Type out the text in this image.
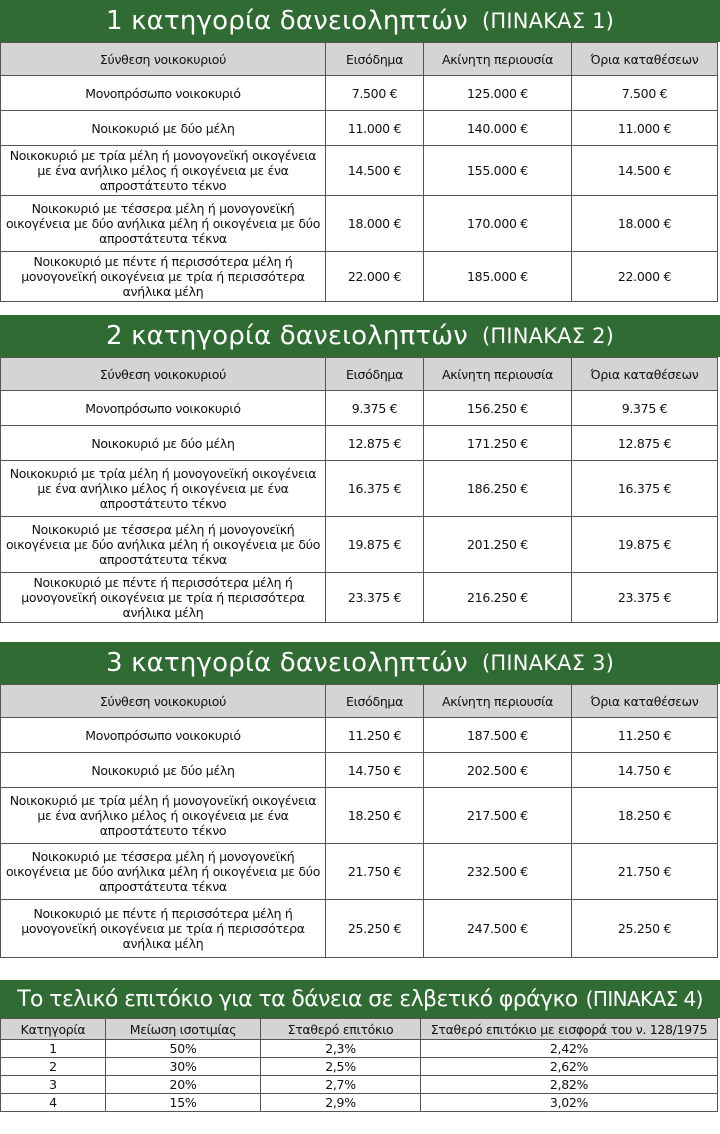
1 κατηγορία δανειοληπτών (ΠΙΝΑΚΑΣ 1)
Σύνθεση νοικοκυριού	Εισόδημα	Ακίνητη περιουσία	Όρια καταθέσεων
Μονοπρόσωπο νοικοκυριό	7.500 €	125.000 €	7.500 €
Νοικοκυριό με δύο μέλη	11.000 €	140.000 €	11.000 €
Νοικοκυριό με τρία μέλη ή μονογονεϊκή οικογένεια με ένα ανήλικο μέλος ή οικογένεια με ένα απροστάτευτο τέκνο	14.500 €	155.000 €	14.500 €
Νοικοκυριό με τέσσερα μέλη ή μονογονεϊκή οικογένεια με δύο ανήλικα μέλη ή οικογένεια με δύο απροστάτευτα τέκνα	18.000 €	170.000 €	18.000 €
Νοικοκυριό με πέντε ή περισσότερα μέλη ή μονογονεϊκή οικογένεια με τρία ή περισσότερα ανήλικα μέλη	22.000 €	185.000 €	22.000 €
2 κατηγορία δανειοληπτών (ΠΙΝΑΚΑΣ 2)
Σύνθεση νοικοκυριού	Εισόδημα	Ακίνητη περιουσία	Όρια καταθέσεων
Μονοπρόσωπο νοικοκυριό	9.375 €	156.250 €	9.375 €
Νοικοκυριό με δύο μέλη	12.875 €	171.250 €	12.875 €
Νοικοκυριό με τρία μέλη ή μονογονεϊκή οικογένεια με ένα ανήλικο μέλος ή οικογένεια με ένα απροστάτευτο τέκνο	16.375 €	186.250 €	16.375 €
Νοικοκυριό με τέσσερα μέλη ή μονογονεϊκή οικογένεια με δύο ανήλικα μέλη ή οικογένεια με δύο απροστάτευτα τέκνα	19.875 €	201.250 €	19.875 €
Νοικοκυριό με πέντε ή περισσότερα μέλη ή μονογονεϊκή οικογένεια με τρία ή περισσότερα ανήλικα μέλη	23.375 €	216.250 €	23.375 €
3 κατηγορία δανειοληπτών (ΠΙΝΑΚΑΣ 3)
Σύνθεση νοικοκυριού	Εισόδημα	Ακίνητη περιουσία	Όρια καταθέσεων
Μονοπρόσωπο νοικοκυριό	11.250 €	187.500 €	11.250 €
Νοικοκυριό με δύο μέλη	14.750 €	202.500 €	14.750 €
Νοικοκυριό με τρία μέλη ή μονογονεϊκή οικογένεια με ένα ανήλικο μέλος ή οικογένεια με ένα απροστάτευτο τέκνο	18.250 €	217.500 €	18.250 €
Νοικοκυριό με τέσσερα μέλη ή μονογονεϊκή οικογένεια με δύο ανήλικα μέλη ή οικογένεια με δύο απροστάτευτα τέκνα	21.750 €	232.500 €	21.750 €
Νοικοκυριό με πέντε ή περισσότερα μέλη ή μονογονεϊκή οικογένεια με τρία ή περισσότερα ανήλικα μέλη	25.250 €	247.500 €	25.250 €
Το τελικό επιτόκιο για τα δάνεια σε ελβετικό φράγκο (ΠΙΝΑΚΑΣ 4)
Κατηγορία	Μείωση ισοτιμίας	Σταθερό επιτόκιο	Σταθερό επιτόκιο με εισφορά του ν. 128/1975
1	50%	2,3%	2,42%
2	30%	2,5%	2,62%
3	20%	2,7%	2,82%
4	15%	2,9%	3,02%
